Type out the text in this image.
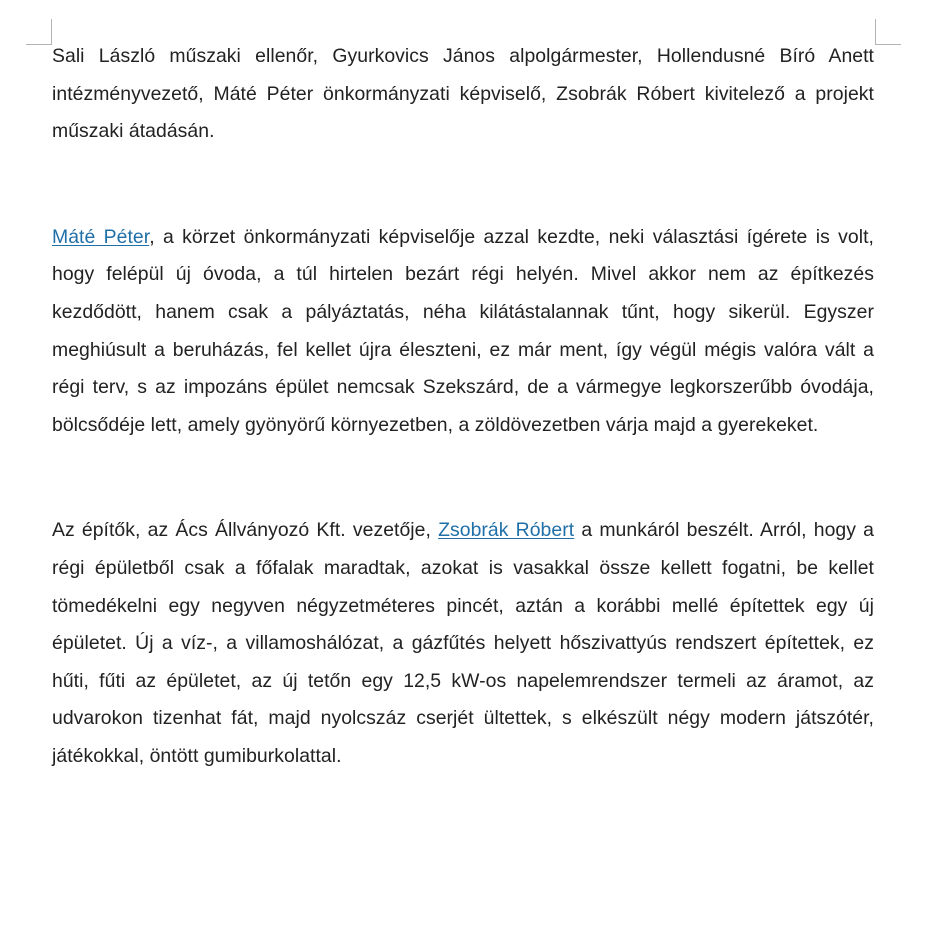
Sali László műszaki ellenőr, Gyurkovics János alpolgármester, Hollendusné Bíró Anett intézményvezető, Máté Péter önkormányzati képviselő, Zsobrák Róbert kivitelező a projekt műszaki átadásán.

Máté Péter, a körzet önkormányzati képviselője azzal kezdte, neki választási ígérete is volt, hogy felépül új óvoda, a túl hirtelen bezárt régi helyén. Mivel akkor nem az építkezés kezdődött, hanem csak a pályáztatás, néha kilátástalannak tűnt, hogy sikerül. Egyszer meghiúsult a beruházás, fel kellet újra éleszteni, ez már ment, így végül mégis valóra vált a régi terv, s az impozáns épület nemcsak Szekszárd, de a vármegye legkorszerűbb óvodája, bölcsődéje lett, amely gyönyörű környezetben, a zöldövezetben várja majd a gyerekeket.

Az építők, az Ács Állványozó Kft. vezetője, Zsobrák Róbert a munkáról beszélt. Arról, hogy a régi épületből csak a főfalak maradtak, azokat is vasakkal össze kellett fogatni, be kellet tömedékelni egy negyven négyzetméteres pincét, aztán a korábbi mellé építettek egy új épületet. Új a víz-, a villamoshálózat, a gázfűtés helyett hőszivattyús rendszert építettek, ez hűti, fűti az épületet, az új tetőn egy 12,5 kW-os napelemrendszer termeli az áramot, az udvarokon tizenhat fát, majd nyolcszáz cserjét ültettek, s elkészült négy modern játszótér, játékokkal, öntött gumiburkolattal.
